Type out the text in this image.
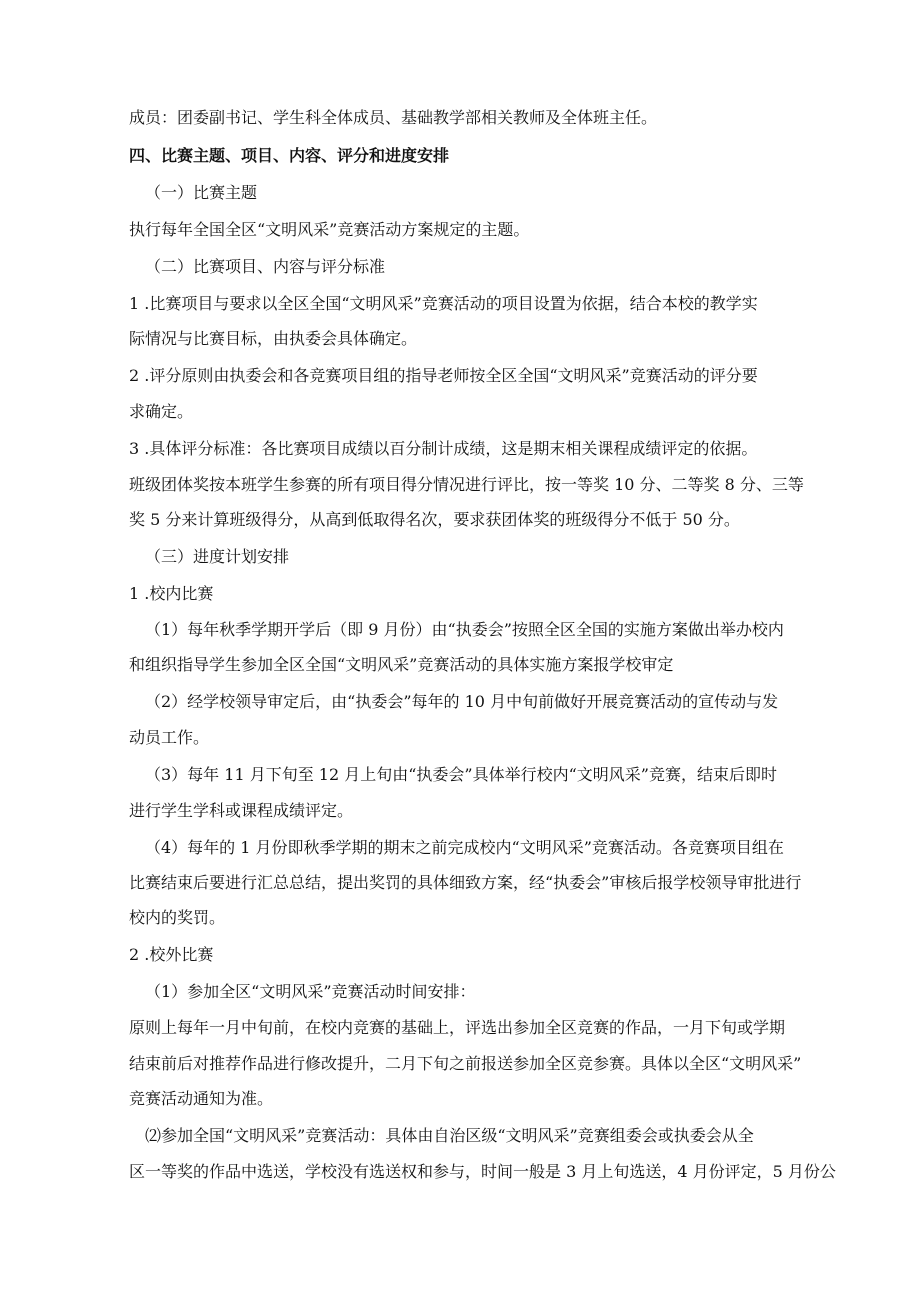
成员：团委副书记、学生科全体成员、基础教学部相关教师及全体班主任。
四、比赛主题、项目、内容、评分和进度安排
（一）比赛主题
执行每年全国全区“文明风采”竞赛活动方案规定的主题。
（二）比赛项目、内容与评分标准
1 .比赛项目与要求以全区全国“文明风采”竞赛活动的项目设置为依据，结合本校的教学实
际情况与比赛目标，由执委会具体确定。
2 .评分原则由执委会和各竞赛项目组的指导老师按全区全国“文明风采”竞赛活动的评分要
求确定。
3 .具体评分标准：各比赛项目成绩以百分制计成绩，这是期末相关课程成绩评定的依据。
班级团体奖按本班学生参赛的所有项目得分情况进行评比，按一等奖 10 分、二等奖 8 分、三等
奖 5 分来计算班级得分，从高到低取得名次，要求获团体奖的班级得分不低于 50 分。
（三）进度计划安排
1 .校内比赛
（1）每年秋季学期开学后（即 9 月份）由“执委会”按照全区全国的实施方案做出举办校内
和组织指导学生参加全区全国“文明风采”竞赛活动的具体实施方案报学校审定
（2）经学校领导审定后，由“执委会”每年的 10 月中旬前做好开展竞赛活动的宣传动与发
动员工作。
（3）每年 11 月下旬至 12 月上旬由“执委会”具体举行校内“文明风采”竞赛，结束后即时
进行学生学科或课程成绩评定。
（4）每年的 1 月份即秋季学期的期末之前完成校内“文明风采”竞赛活动。各竞赛项目组在
比赛结束后要进行汇总总结，提出奖罚的具体细致方案，经“执委会”审核后报学校领导审批进行
校内的奖罚。
2 .校外比赛
（1）参加全区“文明风采”竞赛活动时间安排：
原则上每年一月中旬前，在校内竞赛的基础上，评选出参加全区竞赛的作品，一月下旬或学期
结束前后对推荐作品进行修改提升，二月下旬之前报送参加全区竞参赛。具体以全区“文明风采”
竞赛活动通知为准。
⑵参加全国“文明风采”竞赛活动：具体由自治区级“文明风采”竞赛组委会或执委会从全
区一等奖的作品中选送，学校没有选送权和参与，时间一般是 3 月上旬选送，4 月份评定，5 月份公
